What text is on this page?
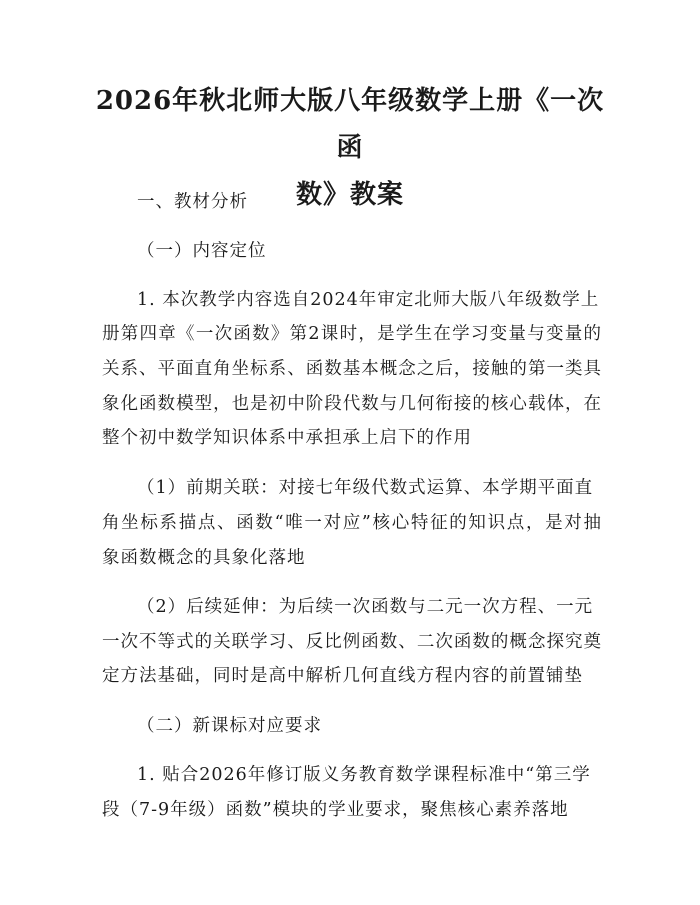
2026年秋北师大版八年级数学上册《一次函
数》教案
一、教材分析
（一）内容定位
1. 本次教学内容选自2024年审定北师大版八年级数学上
册第四章《一次函数》第2课时，是学生在学习变量与变量的
关系、平面直角坐标系、函数基本概念之后，接触的第一类具
象化函数模型，也是初中阶段代数与几何衔接的核心载体，在
整个初中数学知识体系中承担承上启下的作用
（1）前期关联：对接七年级代数式运算、本学期平面直
角坐标系描点、函数“唯一对应”核心特征的知识点，是对抽
象函数概念的具象化落地
（2）后续延伸：为后续一次函数与二元一次方程、一元
一次不等式的关联学习、反比例函数、二次函数的概念探究奠
定方法基础，同时是高中解析几何直线方程内容的前置铺垫
（二）新课标对应要求
1. 贴合2026年修订版义务教育数学课程标准中“第三学
段（7-9年级）函数”模块的学业要求，聚焦核心素养落地
